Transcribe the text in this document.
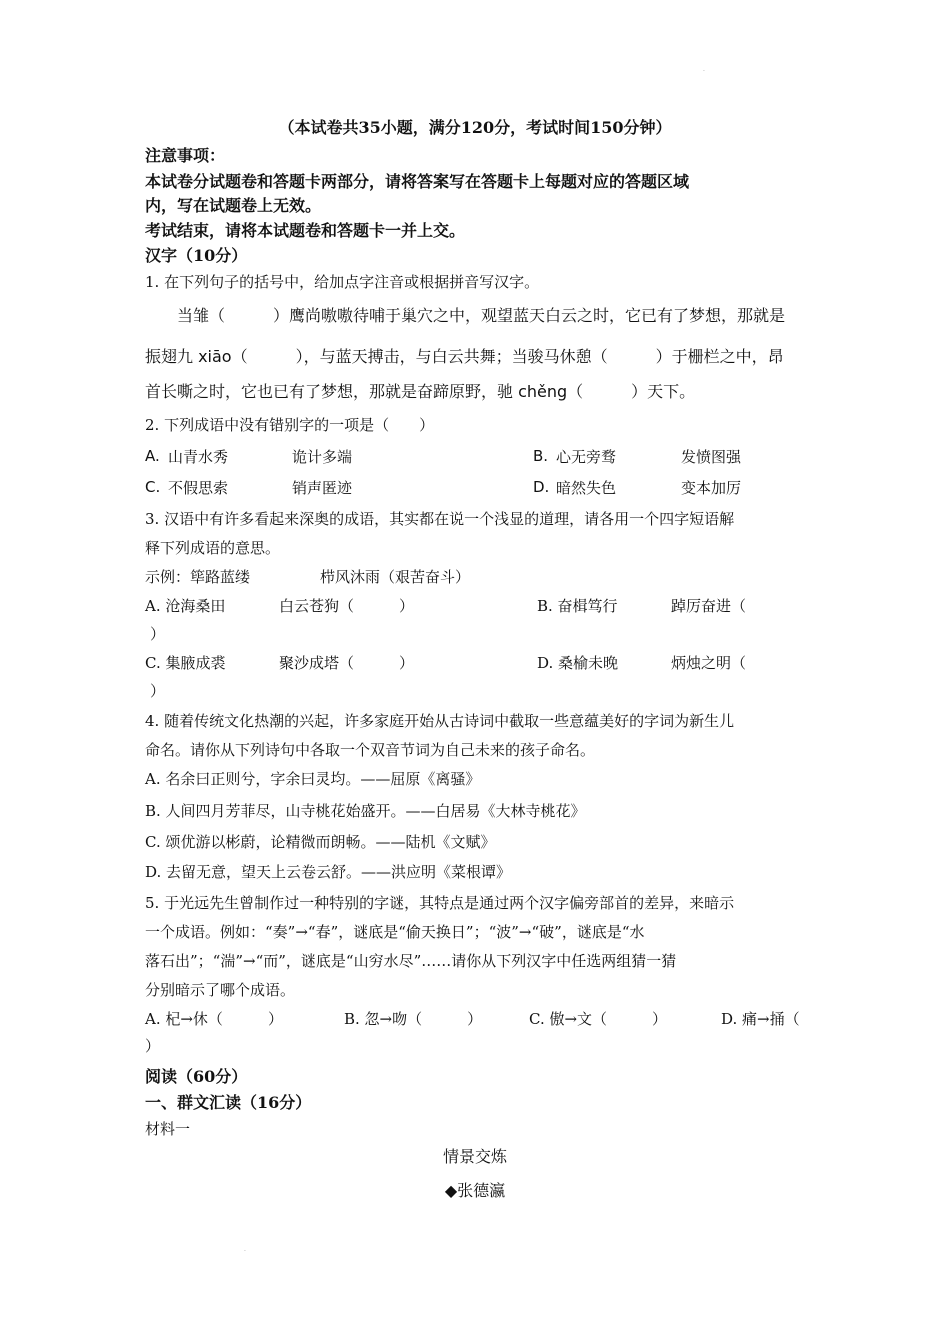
.
（本试卷共35小题，满分120分，考试时间150分钟）
注意事项：
本试卷分试题卷和答题卡两部分，请将答案写在答题卡上每题对应的答题区域
内，写在试题卷上无效。
考试结束，请将本试题卷和答题卡一并上交。
汉字（10分）
1. 在下列句子的括号中，给加点字注音或根据拼音写汉字。
当雏（　　　）鹰尚嗷嗷待哺于巢穴之中，观望蓝天白云之时，它已有了梦想，那就是
振翅九 xiāo（　　　），与蓝天搏击，与白云共舞；当骏马休憩（　　　）于栅栏之中，昂
首长嘶之时，它也已有了梦想，那就是奋蹄原野，驰 chěng（　　　）天下。
2. 下列成语中没有错别字的一项是（　　）
A. 山青水秀	诡计多端	B. 心无旁骛	发愤图强
C. 不假思索	销声匿迹	D. 暗然失色	变本加厉
3. 汉语中有许多看起来深奥的成语，其实都在说一个浅显的道理，请各用一个四字短语解
释下列成语的意思。
示例：筚路蓝缕	栉风沐雨（艰苦奋斗）
A. 沧海桑田	白云苍狗（　　　）	B. 奋楫笃行	踔厉奋进（
）
C. 集腋成裘	聚沙成塔（　　　）	D. 桑榆未晚	炳烛之明（
）
4. 随着传统文化热潮的兴起，许多家庭开始从古诗词中截取一些意蕴美好的字词为新生儿
命名。请你从下列诗句中各取一个双音节词为自己未来的孩子命名。
A. 名余曰正则兮，字余曰灵均。——屈原《离骚》
B. 人间四月芳菲尽，山寺桃花始盛开。——白居易《大林寺桃花》
C. 颂优游以彬蔚，论精微而朗畅。——陆机《文赋》
D. 去留无意，望天上云卷云舒。——洪应明《菜根谭》
5. 于光远先生曾制作过一种特别的字谜，其特点是通过两个汉字偏旁部首的差异，来暗示
一个成语。例如：“奏”→“春”，谜底是“偷天换日”；“波”→“破”，谜底是“水
落石出”；“湍”→“而”，谜底是“山穷水尽”……请你从下列汉字中任选两组猜一猜
分别暗示了哪个成语。
A. 杞→休（　　　）	B. 忽→吻（　　　）	C. 傲→文（　　　）	D. 痛→捅（
）
阅读（60分）
一、群文汇读（16分）
材料一
情景交炼
◆张德瀛
.
